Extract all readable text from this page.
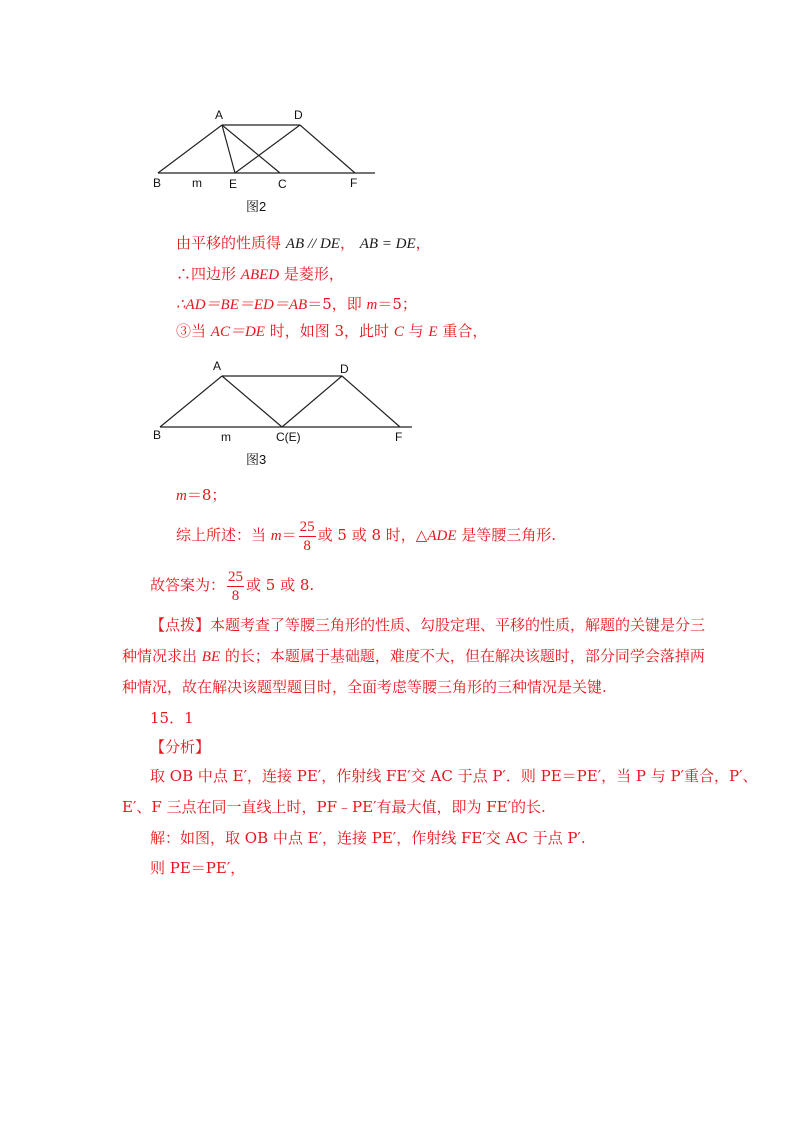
A	D
B	m E	C	F
图2
由平移的性质得 AB // DE， AB = DE，
∴四边形 ABED 是菱形，
∴AD＝BE＝ED＝AB＝5，即 m＝5；
③当 AC＝DE 时，如图 3，此时 C 与 E 重合，
A	D
B	m	C(E)	F
图3
m＝8；
综上所述：当 $m= \frac{25}{8}$ 或 5 或 8 时，△ADE 是等腰三角形.
故答案为： $\frac{25}{8}$ 或 5 或 8.
【点拨】本题考查了等腰三角形的性质、勾股定理、平移的性质，解题的关键是分三
种情况求出 BE 的长；本题属于基础题，难度不大，但在解决该题时，部分同学会落掉两
种情况，故在解决该题型题目时，全面考虑等腰三角形的三种情况是关键.
15．1
【分析】
取 OB 中点 E′，连接 PE′，作射线 FE′交 AC 于点 P′．则 PE＝PE′，当 P 与 P′重合，P′、
E′、F 三点在同一直线上时，PF﹣PE′有最大值，即为 FE′的长.
解：如图，取 OB 中点 E′，连接 PE′，作射线 FE′交 AC 于点 P′.
则 PE＝PE′，
